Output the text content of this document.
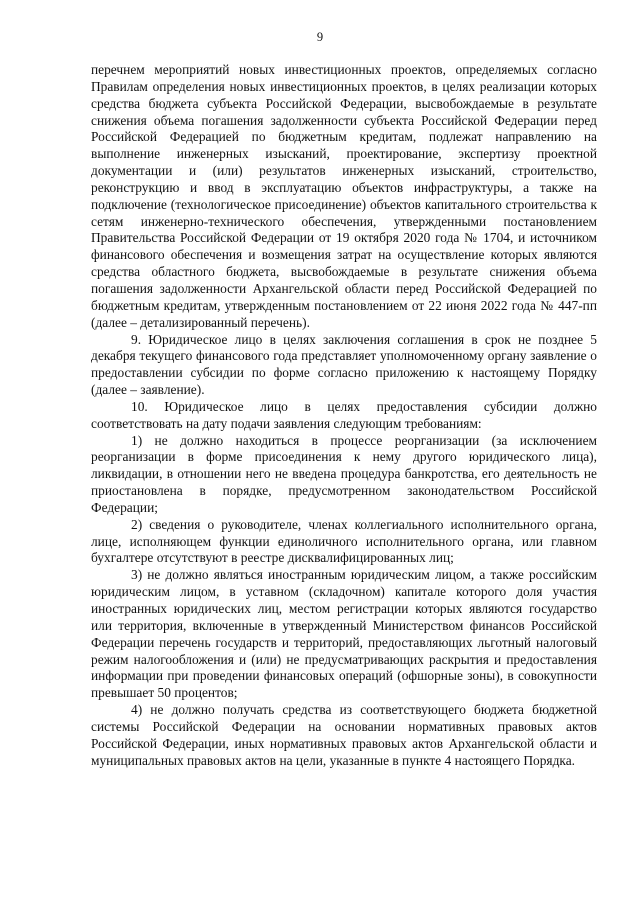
9

перечнем мероприятий новых инвестиционных проектов, определяемых согласно Правилам определения новых инвестиционных проектов, в целях реализации которых средства бюджета субъекта Российской Федерации, высвобождаемые в результате снижения объема погашения задолженности субъекта Российской Федерации перед Российской Федерацией по бюджетным кредитам, подлежат направлению на выполнение инженерных изысканий, проектирование, экспертизу проектной документации и (или) результатов инженерных изысканий, строительство, реконструкцию и ввод в эксплуатацию объектов инфраструктуры, а также на подключение (технологическое присоединение) объектов капитального строительства к сетям инженерно-технического обеспечения, утвержденными постановлением Правительства Российской Федерации от 19 октября 2020 года № 1704, и источником финансового обеспечения и возмещения затрат на осуществление которых являются средства областного бюджета, высвобождаемые в результате снижения объема погашения задолженности Архангельской области перед Российской Федерацией по бюджетным кредитам, утвержденным постановлением от 22 июня 2022 года № 447-пп (далее – детализированный перечень).

9. Юридическое лицо в целях заключения соглашения в срок не позднее 5 декабря текущего финансового года представляет уполномоченному органу заявление о предоставлении субсидии по форме согласно приложению к настоящему Порядку (далее – заявление).

10. Юридическое лицо в целях предоставления субсидии должно соответствовать на дату подачи заявления следующим требованиям:

1) не должно находиться в процессе реорганизации (за исключением реорганизации в форме присоединения к нему другого юридического лица), ликвидации, в отношении него не введена процедура банкротства, его деятельность не приостановлена в порядке, предусмотренном законодательством Российской Федерации;

2) сведения о руководителе, членах коллегиального исполнительного органа, лице, исполняющем функции единоличного исполнительного органа, или главном бухгалтере отсутствуют в реестре дисквалифицированных лиц;

3) не должно являться иностранным юридическим лицом, а также российским юридическим лицом, в уставном (складочном) капитале которого доля участия иностранных юридических лиц, местом регистрации которых являются государство или территория, включенные в утвержденный Министерством финансов Российской Федерации перечень государств и территорий, предоставляющих льготный налоговый режим налогообложения и (или) не предусматривающих раскрытия и предоставления информации при проведении финансовых операций (офшорные зоны), в совокупности превышает 50 процентов;

4) не должно получать средства из соответствующего бюджета бюджетной системы Российской Федерации на основании нормативных правовых актов Российской Федерации, иных нормативных правовых актов Архангельской области и муниципальных правовых актов на цели, указанные в пункте 4 настоящего Порядка.
